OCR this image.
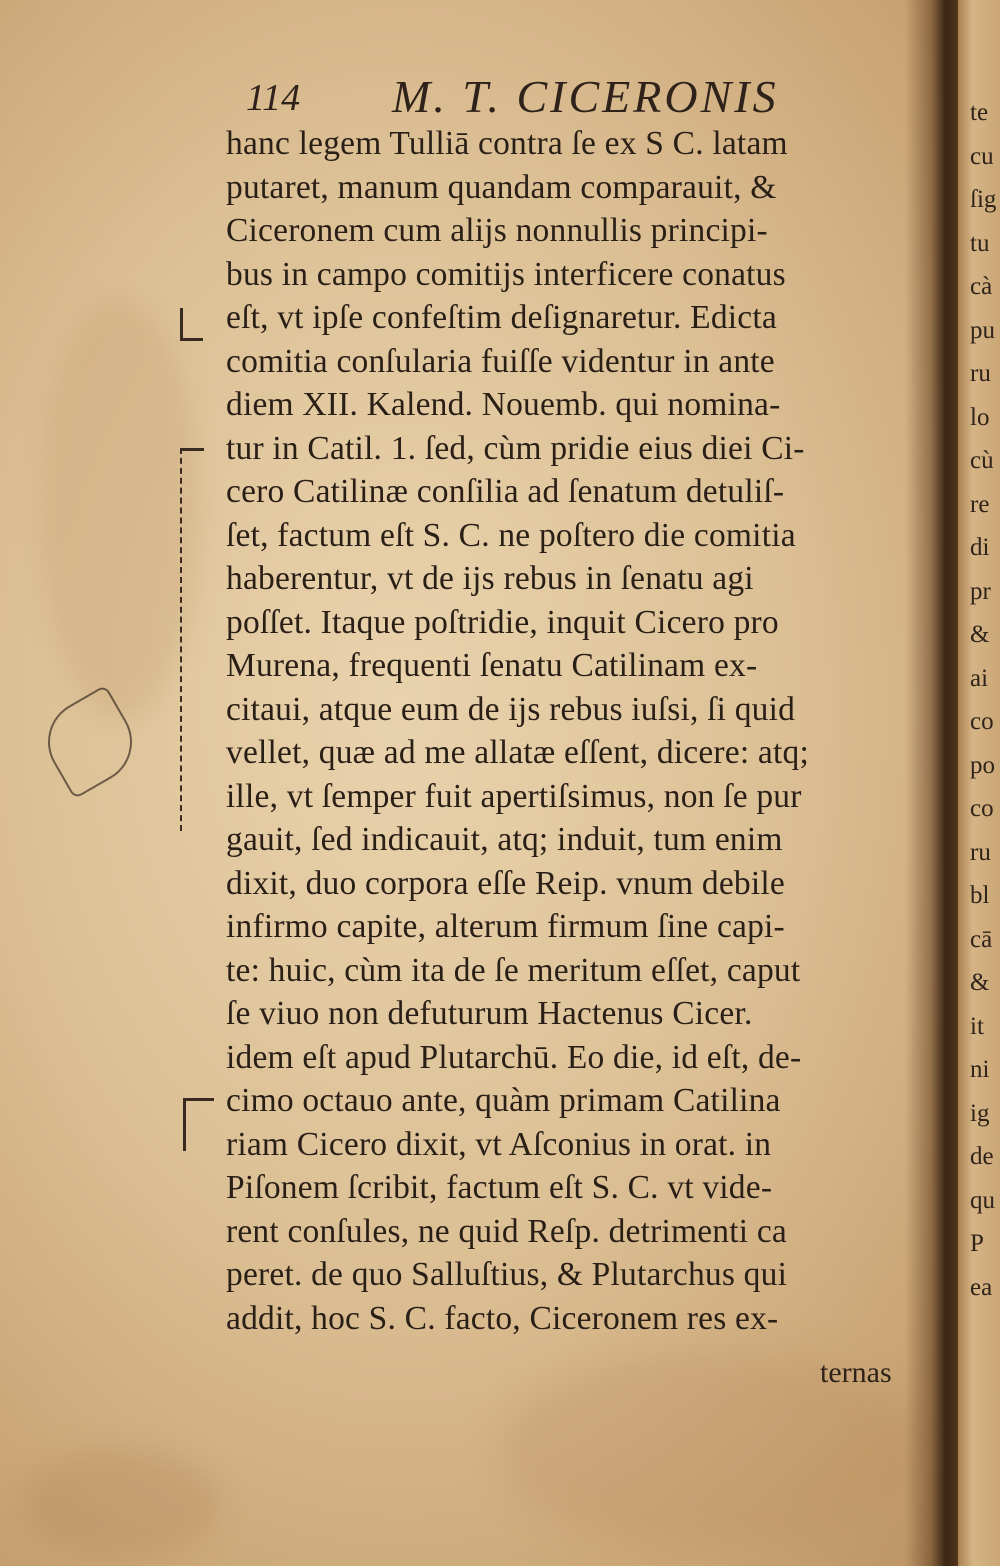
114 M. T. CICERONIS
hanc legem Tulliā contra ſe ex S C. latam
putaret, manum quandam comparauit, &
Ciceronem cum alijs nonnullis principi-
bus in campo comitijs interficere conatus
eſt, vt ipſe confeſtim deſignaretur. Edicta
comitia conſularia fuiſſe videntur in ante
diem XII. Kalend. Nouemb. qui nomina-
tur in Catil. 1. ſed, cùm pridie eius diei Ci-
cero Catilinæ conſilia ad ſenatum detuliſ-
ſet, factum eſt S. C. ne poſtero die comitia
haberentur, vt de ijs rebus in ſenatu agi
poſſet. Itaque poſtridie, inquit Cicero pro
Murena, frequenti ſenatu Catilinam ex-
citaui, atque eum de ijs rebus iuſsi, ſi quid
vellet, quæ ad me allatæ eſſent, dicere: atq;
ille, vt ſemper fuit apertiſsimus, non ſe pur
gauit, ſed indicauit, atq; induit, tum enim
dixit, duo corpora eſſe Reip. vnum debile
infirmo capite, alterum firmum ſine capi-
te: huic, cùm ita de ſe meritum eſſet, caput
ſe viuo non defuturum Hactenus Cicer.
idem eſt apud Plutarchū. Eo die, id eſt, de-
cimo octauo ante, quàm primam Catilina
riam Cicero dixit, vt Aſconius in orat. in
Piſonem ſcribit, factum eſt S. C. vt vide-
rent conſules, ne quid Reſp. detrimenti ca
peret. de quo Salluſtius, & Plutarchus qui
addit, hoc S. C. facto, Ciceronem res ex-
ternas
te
cu
ſig
tu
cà
pu
ru
lo
cù
re
di
pr
&
ai
co
po
co
ru
bl
cā
&
it
ni
ig
de
qu
P
ea
